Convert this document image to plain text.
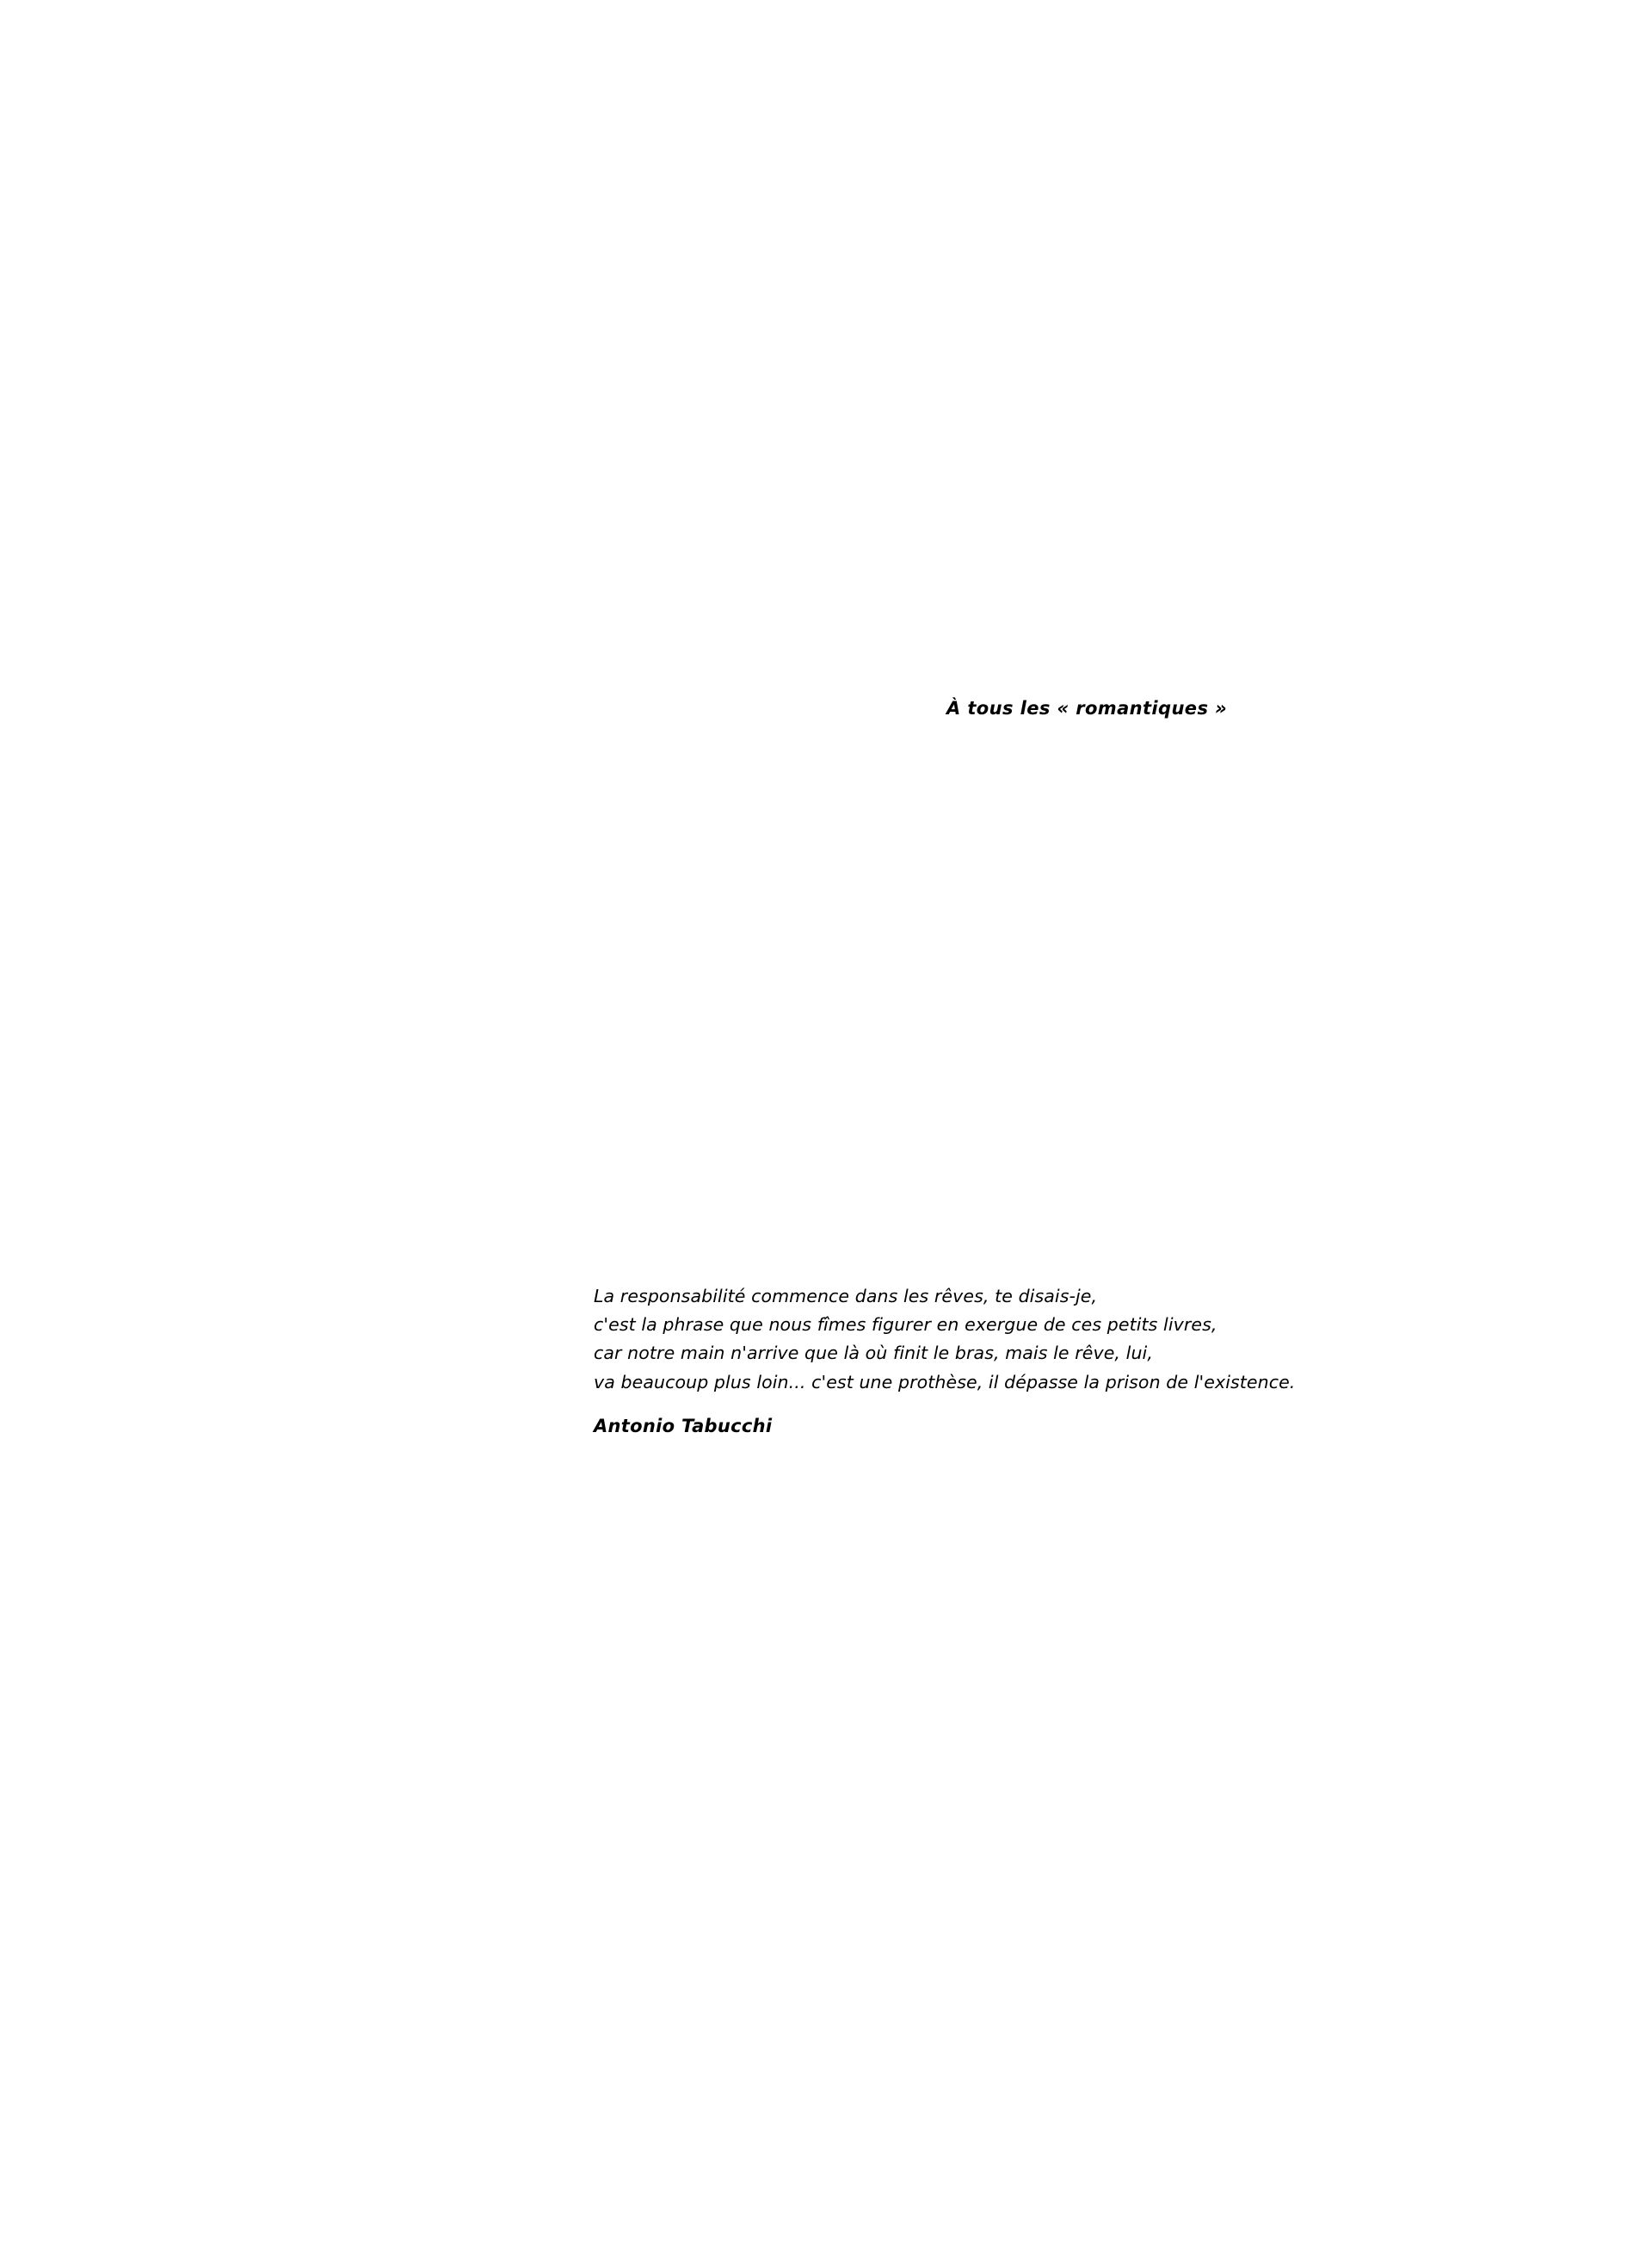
À tous les « romantiques »
La responsabilité commence dans les rêves, te disais-je,
c'est la phrase que nous fîmes figurer en exergue de ces petits livres,
car notre main n'arrive que là où finit le bras, mais le rêve, lui,
va beaucoup plus loin... c'est une prothèse, il dépasse la prison de l'existence.
Antonio Tabucchi
